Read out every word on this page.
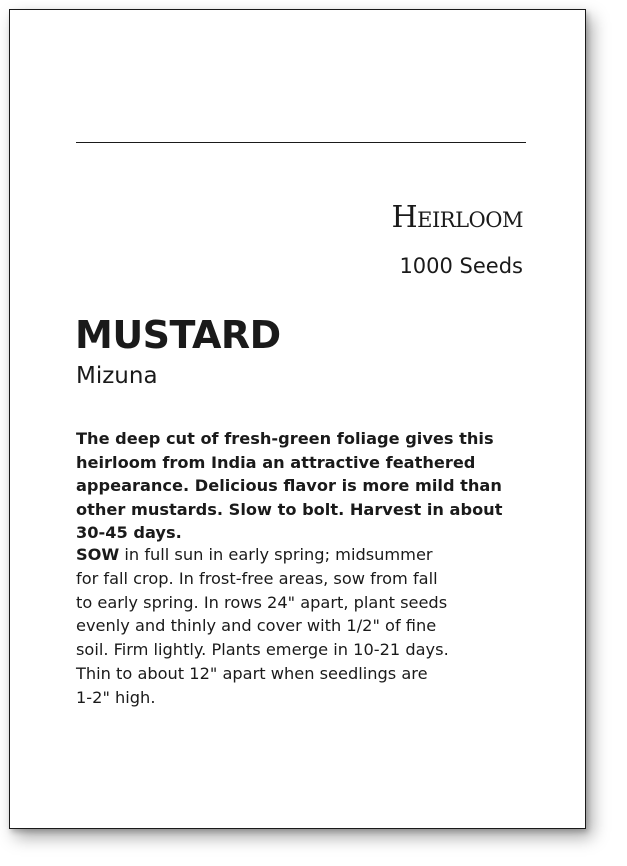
Heirloom
1000 Seeds
MUSTARD
Mizuna

The deep cut of fresh-green foliage gives this
heirloom from India an attractive feathered
appearance. Delicious flavor is more mild than
other mustards. Slow to bolt. Harvest in about
30-45 days.

SOW in full sun in early spring; midsummer
for fall crop. In frost-free areas, sow from fall
to early spring. In rows 24" apart, plant seeds
evenly and thinly and cover with 1/2" of fine
soil. Firm lightly. Plants emerge in 10-21 days.
Thin to about 12" apart when seedlings are
1-2" high.
